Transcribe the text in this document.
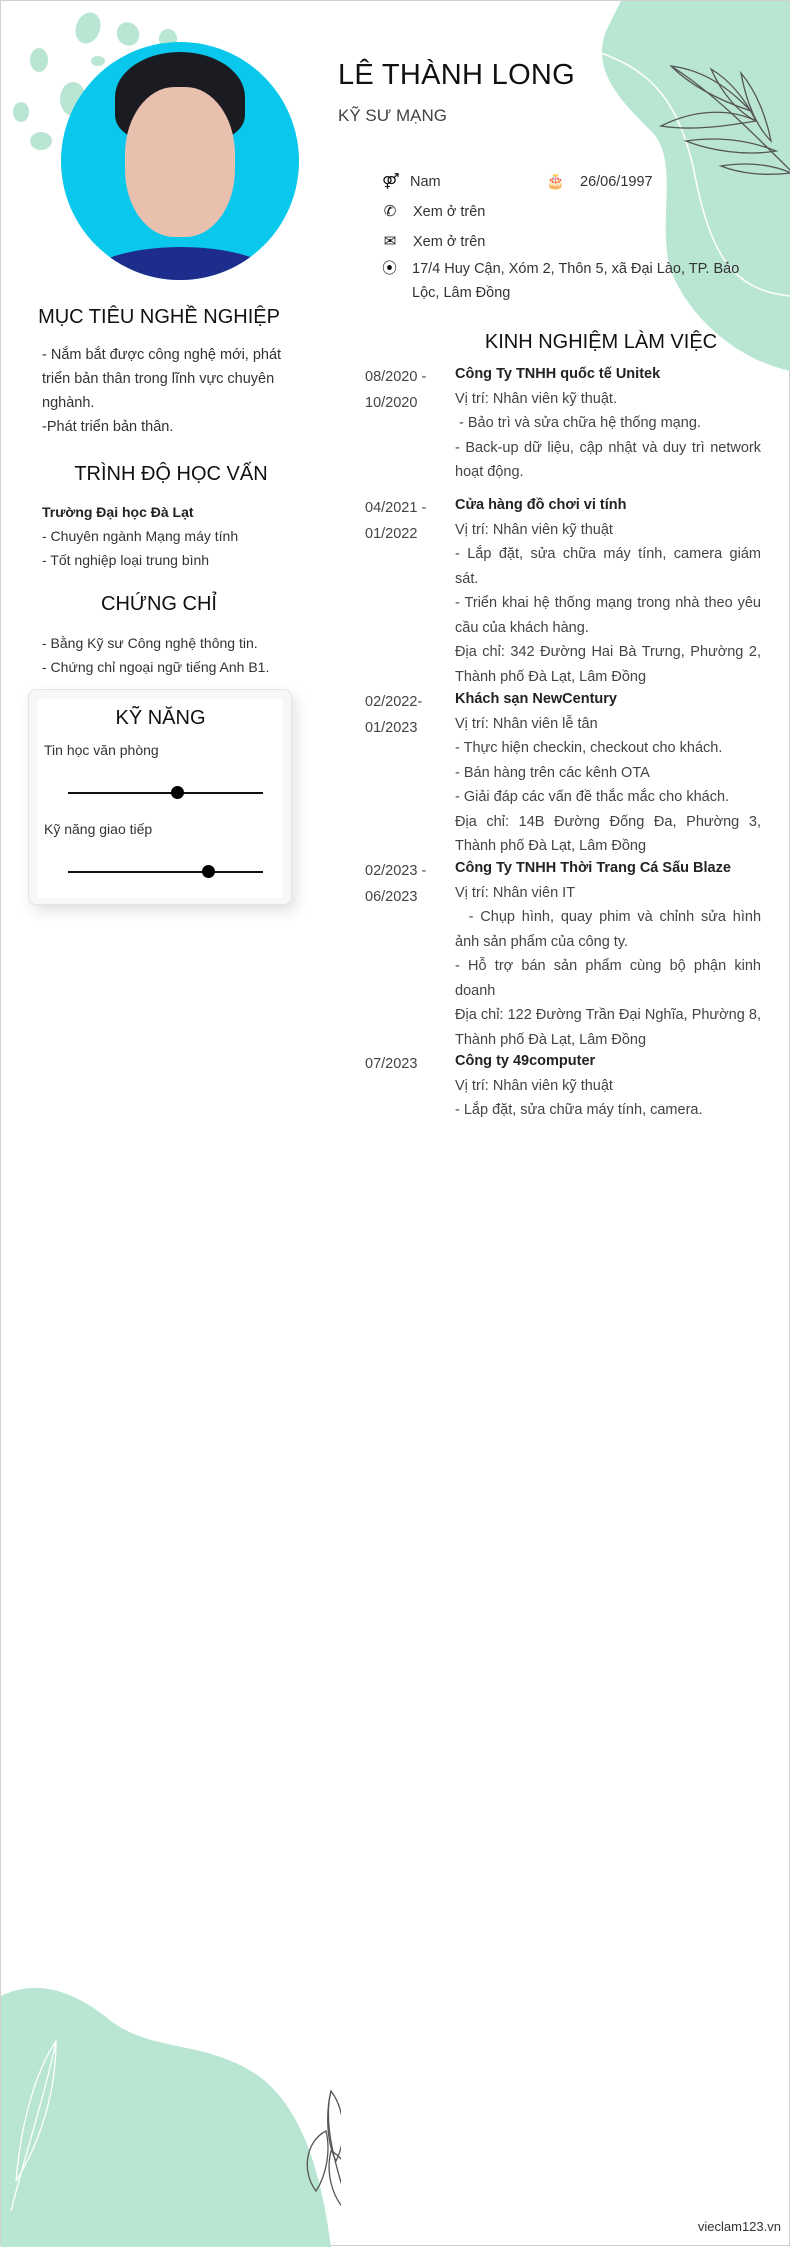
LÊ THÀNH LONG
KỸ SƯ MẠNG
⚤ Nam	🎂 26/06/1997
✆ Xem ở trên
✉ Xem ở trên
⦿ 17/4 Huy Cận, Xóm 2, Thôn 5, xã Đại Lào, TP. Bảo Lộc, Lâm Đồng
MỤC TIÊU NGHỀ NGHIỆP
- Nắm bắt được công nghệ mới, phát triển bản thân trong lĩnh vực chuyên nghành.
-Phát triển bản thân.
TRÌNH ĐỘ HỌC VẤN
Trường Đại học Đà Lạt
- Chuyên ngành Mạng máy tính
- Tốt nghiệp loại trung bình
CHỨNG CHỈ
- Bằng Kỹ sư Công nghệ thông tin.
- Chứng chỉ ngoại ngữ tiếng Anh B1.
KỸ NĂNG
Tin học văn phòng
Kỹ năng giao tiếp
KINH NGHIỆM LÀM VIỆC
08/2020 - 10/2020
Công Ty TNHH quốc tế Unitek
Vị trí: Nhân viên kỹ thuật.
- Bảo trì và sửa chữa hệ thống mạng.
- Back-up dữ liệu, cập nhật và duy trì network hoạt động.
04/2021 - 01/2022
Cửa hàng đồ chơi vi tính
Vị trí: Nhân viên kỹ thuật
- Lắp đặt, sửa chữa máy tính, camera giám sát.
- Triển khai hệ thống mạng trong nhà theo yêu cầu của khách hàng.
Địa chỉ: 342 Đường Hai Bà Trưng, Phường 2, Thành phố Đà Lạt, Lâm Đồng
02/2022- 01/2023
Khách sạn NewCentury
Vị trí: Nhân viên lễ tân
- Thực hiện checkin, checkout cho khách.
- Bán hàng trên các kênh OTA
- Giải đáp các vấn đề thắc mắc cho khách.
Địa chỉ: 14B Đường Đống Đa, Phường 3, Thành phố Đà Lạt, Lâm Đồng
02/2023 - 06/2023
Công Ty TNHH Thời Trang Cá Sấu Blaze
Vị trí: Nhân viên IT
- Chụp hình, quay phim và chỉnh sửa hình ảnh sản phẩm của công ty.
- Hỗ trợ bán sản phẩm cùng bộ phận kinh doanh
Địa chỉ: 122 Đường Trần Đại Nghĩa, Phường 8, Thành phố Đà Lạt, Lâm Đồng
07/2023	Công ty 49computer
Vị trí: Nhân viên kỹ thuật
- Lắp đặt, sửa chữa máy tính, camera.
vieclam123.vn
